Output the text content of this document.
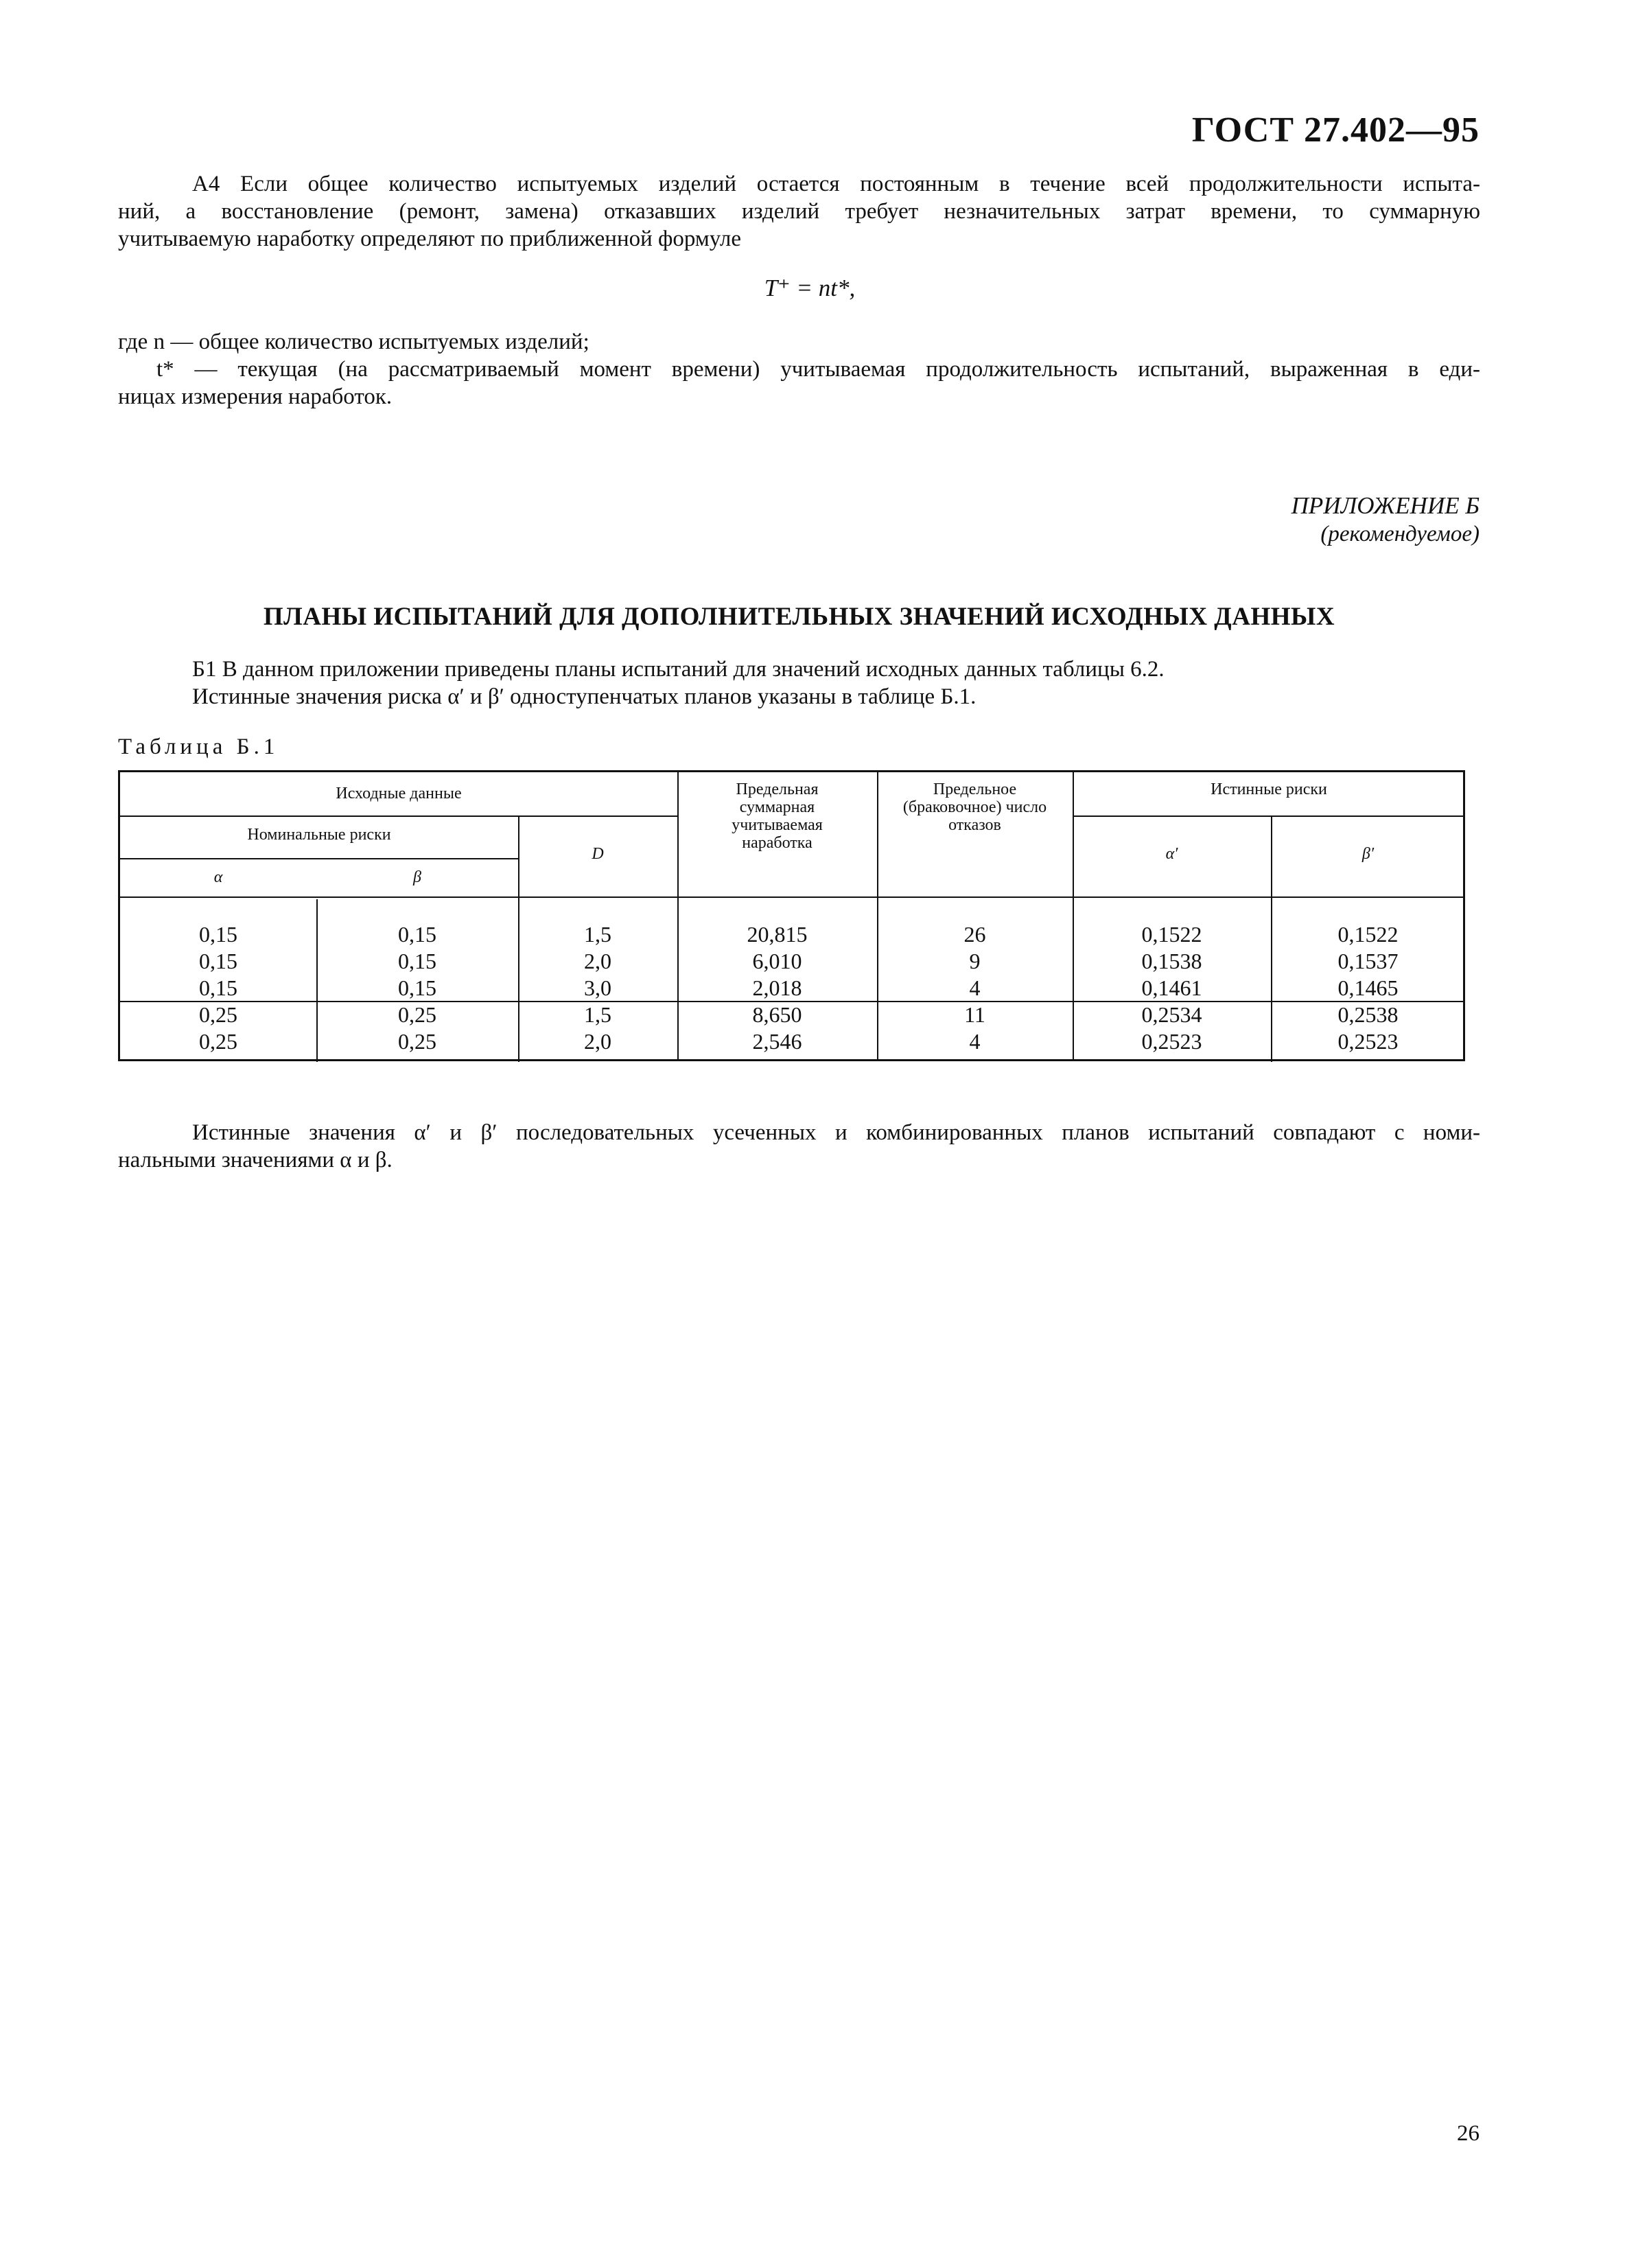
ГОСТ 27.402—95
А4 Если общее количество испытуемых изделий остается постоянным в течение всей продолжительности испыта-
ний, а восстановление (ремонт, замена) отказавших изделий требует незначительных затрат времени, то суммарную
учитываемую наработку определяют по приближенной формуле
T⁺ = nt*,
где n — общее количество испытуемых изделий;
t* — текущая (на рассматриваемый момент времени) учитываемая продолжительность испытаний, выраженная в еди-
ницах измерения наработок.
ПРИЛОЖЕНИЕ Б
(рекомендуемое)
ПЛАНЫ ИСПЫТАНИЙ ДЛЯ ДОПОЛНИТЕЛЬНЫХ ЗНАЧЕНИЙ ИСХОДНЫХ ДАННЫХ
Б1 В данном приложении приведены планы испытаний для значений исходных данных таблицы 6.2.
Истинные значения риска α′ и β′ одноступенчатых планов указаны в таблице Б.1.
Таблица Б.1
Исходные данные
Номинальные риски
α	β
D
Предельная
суммарная
учитываемая
наработка
Предельное
(браковочное) число
отказов
Истинные риски
α′	β′
0,15	0,15	1,5	20,815	26	0,1522	0,1522
0,15	0,15	2,0	6,010	9	0,1538	0,1537
0,15	0,15	3,0	2,018	4	0,1461	0,1465
0,25	0,25	1,5	8,650	11	0,2534	0,2538
0,25	0,25	2,0	2,546	4	0,2523	0,2523
Истинные значения α′ и β′ последовательных усеченных и комбинированных планов испытаний совпадают с номи-
нальными значениями α и β.
26
